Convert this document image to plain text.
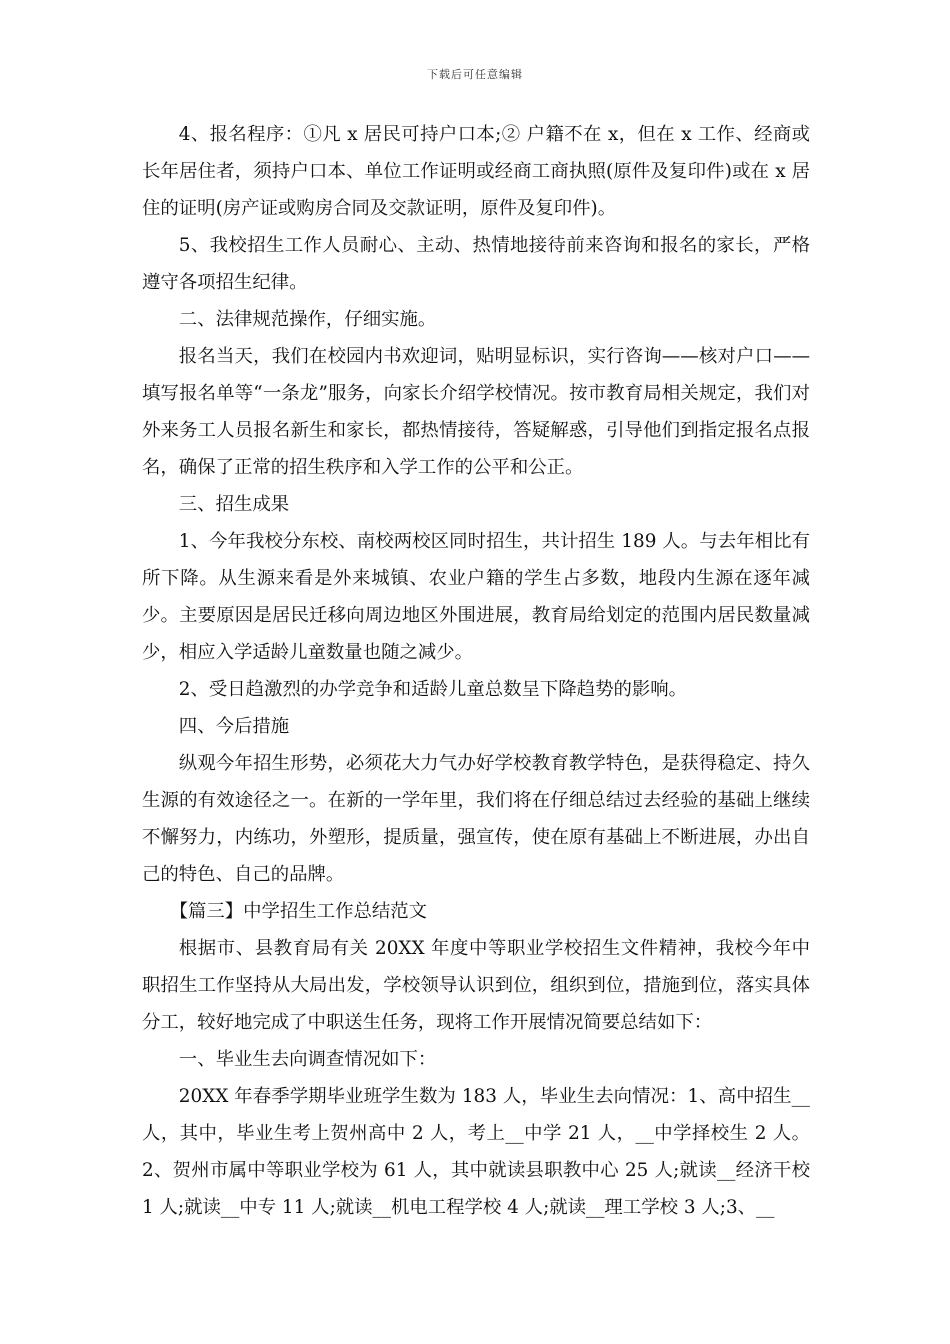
下载后可任意编辑

4、报名程序：①凡 x 居民可持户口本;② 户籍不在 x，但在 x 工作、经商或长年居住者，须持户口本、单位工作证明或经商工商执照(原件及复印件)或在 x 居住的证明(房产证或购房合同及交款证明，原件及复印件)。

5、我校招生工作人员耐心、主动、热情地接待前来咨询和报名的家长，严格遵守各项招生纪律。

二、法律规范操作，仔细实施。

报名当天，我们在校园内书欢迎词，贴明显标识，实行咨询——核对户口——填写报名单等“一条龙”服务，向家长介绍学校情况。按市教育局相关规定，我们对外来务工人员报名新生和家长，都热情接待，答疑解惑，引导他们到指定报名点报名，确保了正常的招生秩序和入学工作的公平和公正。

三、招生成果

1、今年我校分东校、南校两校区同时招生，共计招生 189 人。与去年相比有所下降。从生源来看是外来城镇、农业户籍的学生占多数，地段内生源在逐年减少。主要原因是居民迁移向周边地区外围进展，教育局给划定的范围内居民数量减少，相应入学适龄儿童数量也随之减少。

2、受日趋激烈的办学竞争和适龄儿童总数呈下降趋势的影响。

四、今后措施

纵观今年招生形势，必须花大力气办好学校教育教学特色，是获得稳定、持久生源的有效途径之一。在新的一学年里，我们将在仔细总结过去经验的基础上继续不懈努力，内练功，外塑形，提质量，强宣传，使在原有基础上不断进展，办出自己的特色、自己的品牌。

【篇三】中学招生工作总结范文

根据市、县教育局有关 20XX 年度中等职业学校招生文件精神，我校今年中职招生工作坚持从大局出发，学校领导认识到位，组织到位，措施到位，落实具体分工，较好地完成了中职送生任务，现将工作开展情况简要总结如下：

一、毕业生去向调查情况如下：

20XX 年春季学期毕业班学生数为 183 人，毕业生去向情况：1、高中招生__人，其中，毕业生考上贺州高中 2 人，考上__中学 21 人，__中学择校生 2 人。2、贺州市属中等职业学校为 61 人，其中就读县职教中心 25 人;就读__经济干校 1 人;就读__中专 11 人;就读__机电工程学校 4 人;就读__理工学校 3 人;3、__
